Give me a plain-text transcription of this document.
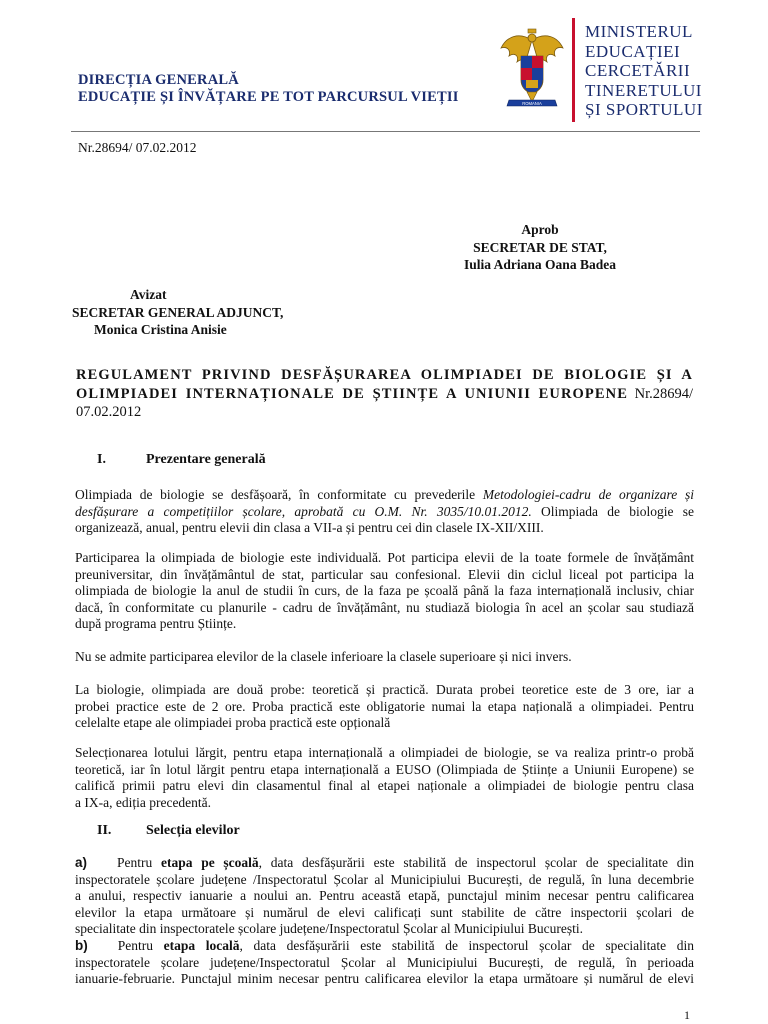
DIRECȚIA GENERALĂ
EDUCAȚIE ȘI ÎNVĂȚARE PE TOT PARCURSUL VIEȚII	ROMANIA
MINISTERUL
EDUCAȚIEI
CERCETĂRII
TINERETULUI
ȘI SPORTULUI
Nr.28694/ 07.02.2012
Aprob
SECRETAR DE STAT,
Iulia Adriana Oana Badea
Avizat
SECRETAR GENERAL ADJUNCT,
Monica Cristina Anisie
REGULAMENT PRIVIND DESFĂȘURAREA OLIMPIADEI DE BIOLOGIE ȘI A
OLIMPIADEI INTERNAȚIONALE DE ȘTIINȚE A UNIUNII EUROPENE Nr.28694/
07.02.2012
I.	Prezentare generală
Olimpiada de biologie se desfășoară, în conformitate cu prevederile Metodologiei-cadru de organizare și
desfășurare a competițiilor școlare, aprobată cu O.M. Nr. 3035/10.01.2012. Olimpiada de biologie se
organizează, anual, pentru elevii din clasa a VII-a și pentru cei din clasele IX-XII/XIII.
Participarea la olimpiada de biologie este individuală. Pot participa elevii de la toate formele de învățământ
preuniversitar, din învățământul de stat, particular sau confesional. Elevii din ciclul liceal pot participa la
olimpiada de biologie la anul de studii în curs, de la faza pe școală până la faza internațională inclusiv, chiar
dacă, în conformitate cu planurile - cadru de învățământ, nu studiază biologia în acel an școlar sau studiază
după programa pentru Științe.
Nu se admite participarea elevilor de la clasele inferioare la clasele superioare și nici invers.
La biologie, olimpiada are două probe: teoretică și practică. Durata probei teoretice este de 3 ore, iar a
probei practice este de 2 ore. Proba practică este obligatorie numai la etapa națională a olimpiadei. Pentru
celelalte etape ale olimpiadei proba practică este opțională
Selecționarea lotului lărgit, pentru etapa internațională a olimpiadei de biologie, se va realiza printr-o probă
teoretică, iar în lotul lărgit pentru etapa internațională a EUSO (Olimpiada de Științe a Uniunii Europene) se
califică primii patru elevi din clasamentul final al etapei naționale a olimpiadei de biologie pentru clasa
a IX-a, ediția precedentă.
II. Selecția elevilor
a) Pentru etapa pe școală, data desfășurării este stabilită de inspectorul școlar de specialitate din
inspectoratele școlare județene /Inspectoratul Școlar al Municipiului București, de regulă, în luna decembrie
a anului, respectiv ianuarie a noului an. Pentru această etapă, punctajul minim necesar pentru calificarea
elevilor la etapa următoare și numărul de elevi calificați sunt stabilite de către inspectorii școlari de
specialitate din inspectoratele școlare județene/Inspectoratul Școlar al Municipiului București.
b) Pentru etapa locală, data desfășurării este stabilită de inspectorul școlar de specialitate din
inspectoratele școlare județene/Inspectoratul Școlar al Municipiului București, de regulă, în perioada
ianuarie-februarie. Punctajul minim necesar pentru calificarea elevilor la etapa următoare și numărul de elevi
1
